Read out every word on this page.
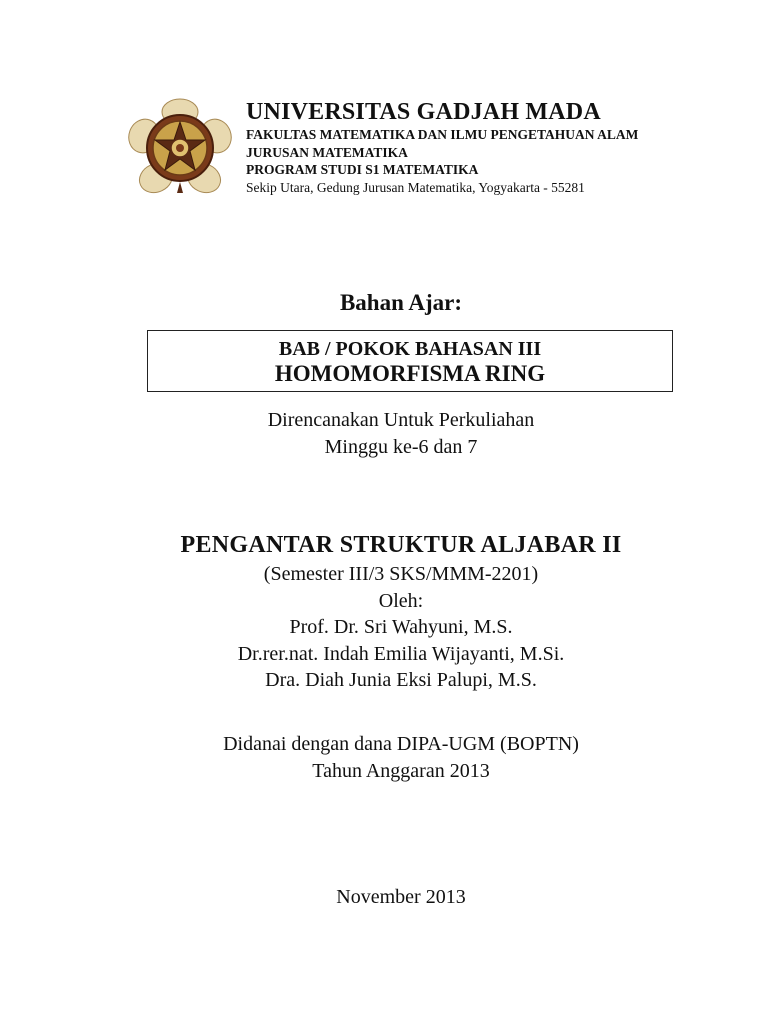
UNIVERSITAS GADJAH MADA
FAKULTAS MATEMATIKA DAN ILMU PENGETAHUAN ALAM
JURUSAN MATEMATIKA
PROGRAM STUDI S1 MATEMATIKA
Sekip Utara, Gedung Jurusan Matematika, Yogyakarta - 55281
Bahan Ajar:
BAB / POKOK BAHASAN III
HOMOMORFISMA RING
Direncanakan Untuk Perkuliahan
Minggu ke-6 dan 7
PENGANTAR STRUKTUR ALJABAR II
(Semester III/3 SKS/MMM-2201)
Oleh:
Prof. Dr. Sri Wahyuni, M.S.
Dr.rer.nat. Indah Emilia Wijayanti, M.Si.
Dra. Diah Junia Eksi Palupi, M.S.
Didanai dengan dana DIPA-UGM (BOPTN)
Tahun Anggaran 2013
November 2013
